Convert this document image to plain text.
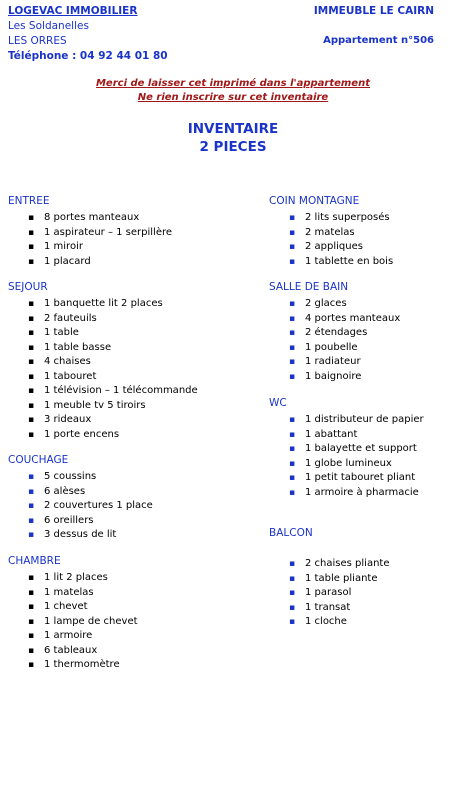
LOGEVAC IMMOBILIER
Les Soldanelles
LES ORRES
Téléphone : 04 92 44 01 80
IMMEUBLE LE CAIRN
Appartement n°506
Merci de laisser cet imprimé dans l'appartement
Ne rien inscrire sur cet inventaire
INVENTAIRE
2 PIECES
ENTREE
▪ 8 portes manteaux
▪ 1 aspirateur – 1 serpillère
▪ 1 miroir
▪ 1 placard
SEJOUR
▪ 1 banquette lit 2 places
▪ 2 fauteuils
▪ 1 table
▪ 1 table basse
▪ 4 chaises
▪ 1 tabouret
▪ 1 télévision – 1 télécommande
▪ 1 meuble tv 5 tiroirs
▪ 3 rideaux
▪ 1 porte encens
COUCHAGE
▪ 5 coussins
▪ 6 alèses
▪ 2 couvertures 1 place
▪ 6 oreillers
▪ 3 dessus de lit
CHAMBRE
▪ 1 lit 2 places
▪ 1 matelas
▪ 1 chevet
▪ 1 lampe de chevet
▪ 1 armoire
▪ 6 tableaux
▪ 1 thermomètre
COIN MONTAGNE
▪ 2 lits superposés
▪ 2 matelas
▪ 2 appliques
▪ 1 tablette en bois
SALLE DE BAIN
▪ 2 glaces
▪ 4 portes manteaux
▪ 2 étendages
▪ 1 poubelle
▪ 1 radiateur
▪ 1 baignoire
WC
▪ 1 distributeur de papier
▪ 1 abattant
▪ 1 balayette et support
▪ 1 globe lumineux
▪ 1 petit tabouret pliant
▪ 1 armoire à pharmacie
BALCON
▪ 2 chaises pliante
▪ 1 table pliante
▪ 1 parasol
▪ 1 transat
▪ 1 cloche
